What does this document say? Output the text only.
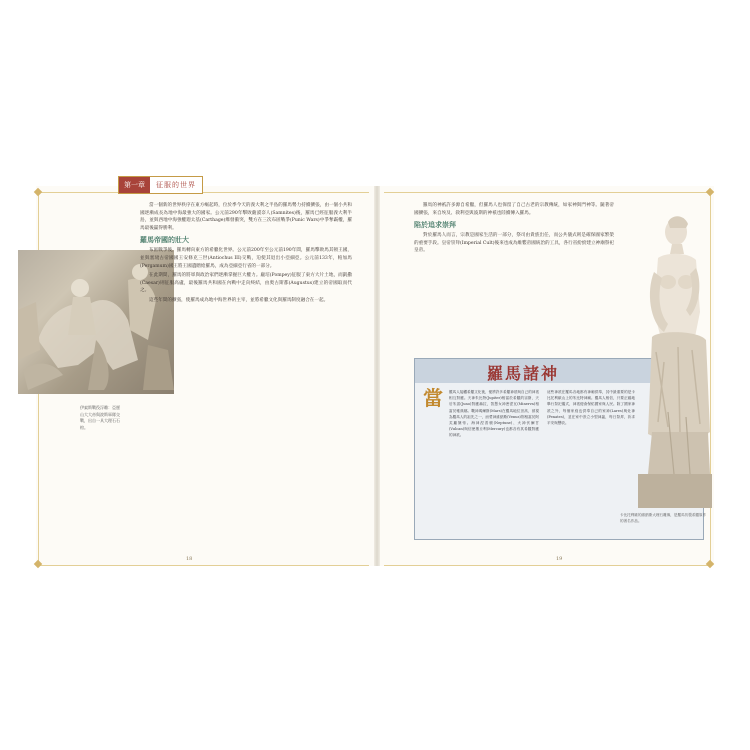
第一章	征服的世界
伊索斯戰役浮雕：亞歷山大大帝與波斯軍隊交戰，出自一具大理石石棺。

當一個新的世界秩序在東方崛起時，位於季今天的義大利之半島的羅馬勢力持續擴張，由一個小共和國逐漸成長為地中海最強大的國家。公元前290年擊敗薩謨奈人(Samnites)後，羅馬已經征服義大利半島，並與西地中海強權迦太基(Carthage)爆發衝突，雙方在三次布匿戰爭(Punic Wars)中爭奪霸權，羅馬最後贏得勝利。

羅馬帝國的壯大

布匿戰爭後，羅馬轉向東方的希臘化世界。公元前200年至公元前190年間，羅馬擊敗馬其頓王國，並與塞琉古帝國國王安條克三世(Antiochus III)交戰，迫使其退出小亞細亞。公元前133年，帕加馬(Pergamum)國王將王國遺贈給羅馬，成為亞細亞行省的一部分。

在此期間，羅馬的將軍與政治家們逐漸掌握巨大權力。龐培(Pompey)征服了東方大片土地，而凱撒(Caesar)則征服高盧，最後羅馬共和國在內戰中走向終結，由奧古斯都(Augustus)建立的帝國取而代之。

這些年間的擴張，使羅馬成為地中海世界的主宰，並將希臘文化與羅馬制度融合在一起。

18

羅馬的神祇許多源自希臘，但羅馬人也保留了自己古老的宗教傳統，如家神與門神等。隨著帝國擴張，來自埃及、敘利亞與波斯的神祇也陸續傳入羅馬。

陷於追求崇拜

對於羅馬人而言，宗教是國家生活的一部分，祭司由貴族出任，而公共儀式則是確保國家繁榮的重要手段。皇帝崇拜(Imperial Cult)後來也成為維繫帝國統治的工具，各行省紛紛建立神廟祭祀皇帝。

羅馬諸神
當	羅馬人接觸希臘文化後，便將許多希臘神祇與自己的神祇相互對應。天神朱比特(Jupiter)相當於希臘的宙斯，天后朱諾(Juno)對應赫拉，智慧女神密涅瓦(Minerva)相當於雅典娜。戰神瑪爾斯(Mars)在羅馬地位崇高，被視為羅馬人的祖先之一，而愛神維納斯(Venus)則相當於阿芙蘿黛蒂。海神涅普頓(Neptune)、火神伏爾甘(Vulcan)與信使墨丘利(Mercury)也都各有其希臘對應的神祇。

這些神祇在羅馬各地都有神廟供奉，其中最重要的是卡比托利歐山上的朱比特神廟。羅馬人相信，只要正確地舉行祭祀儀式，神祇便會保佑國家與人民。除了國家神祇之外，每個家庭也供奉自己的家神(Lares)與灶神(Penates)，並在家中設立小型神龕，每日祭拜，祈求平安與豐收。

卡比托利歐的維納斯大理石雕像，是羅馬仿製希臘原作的著名作品。
19
